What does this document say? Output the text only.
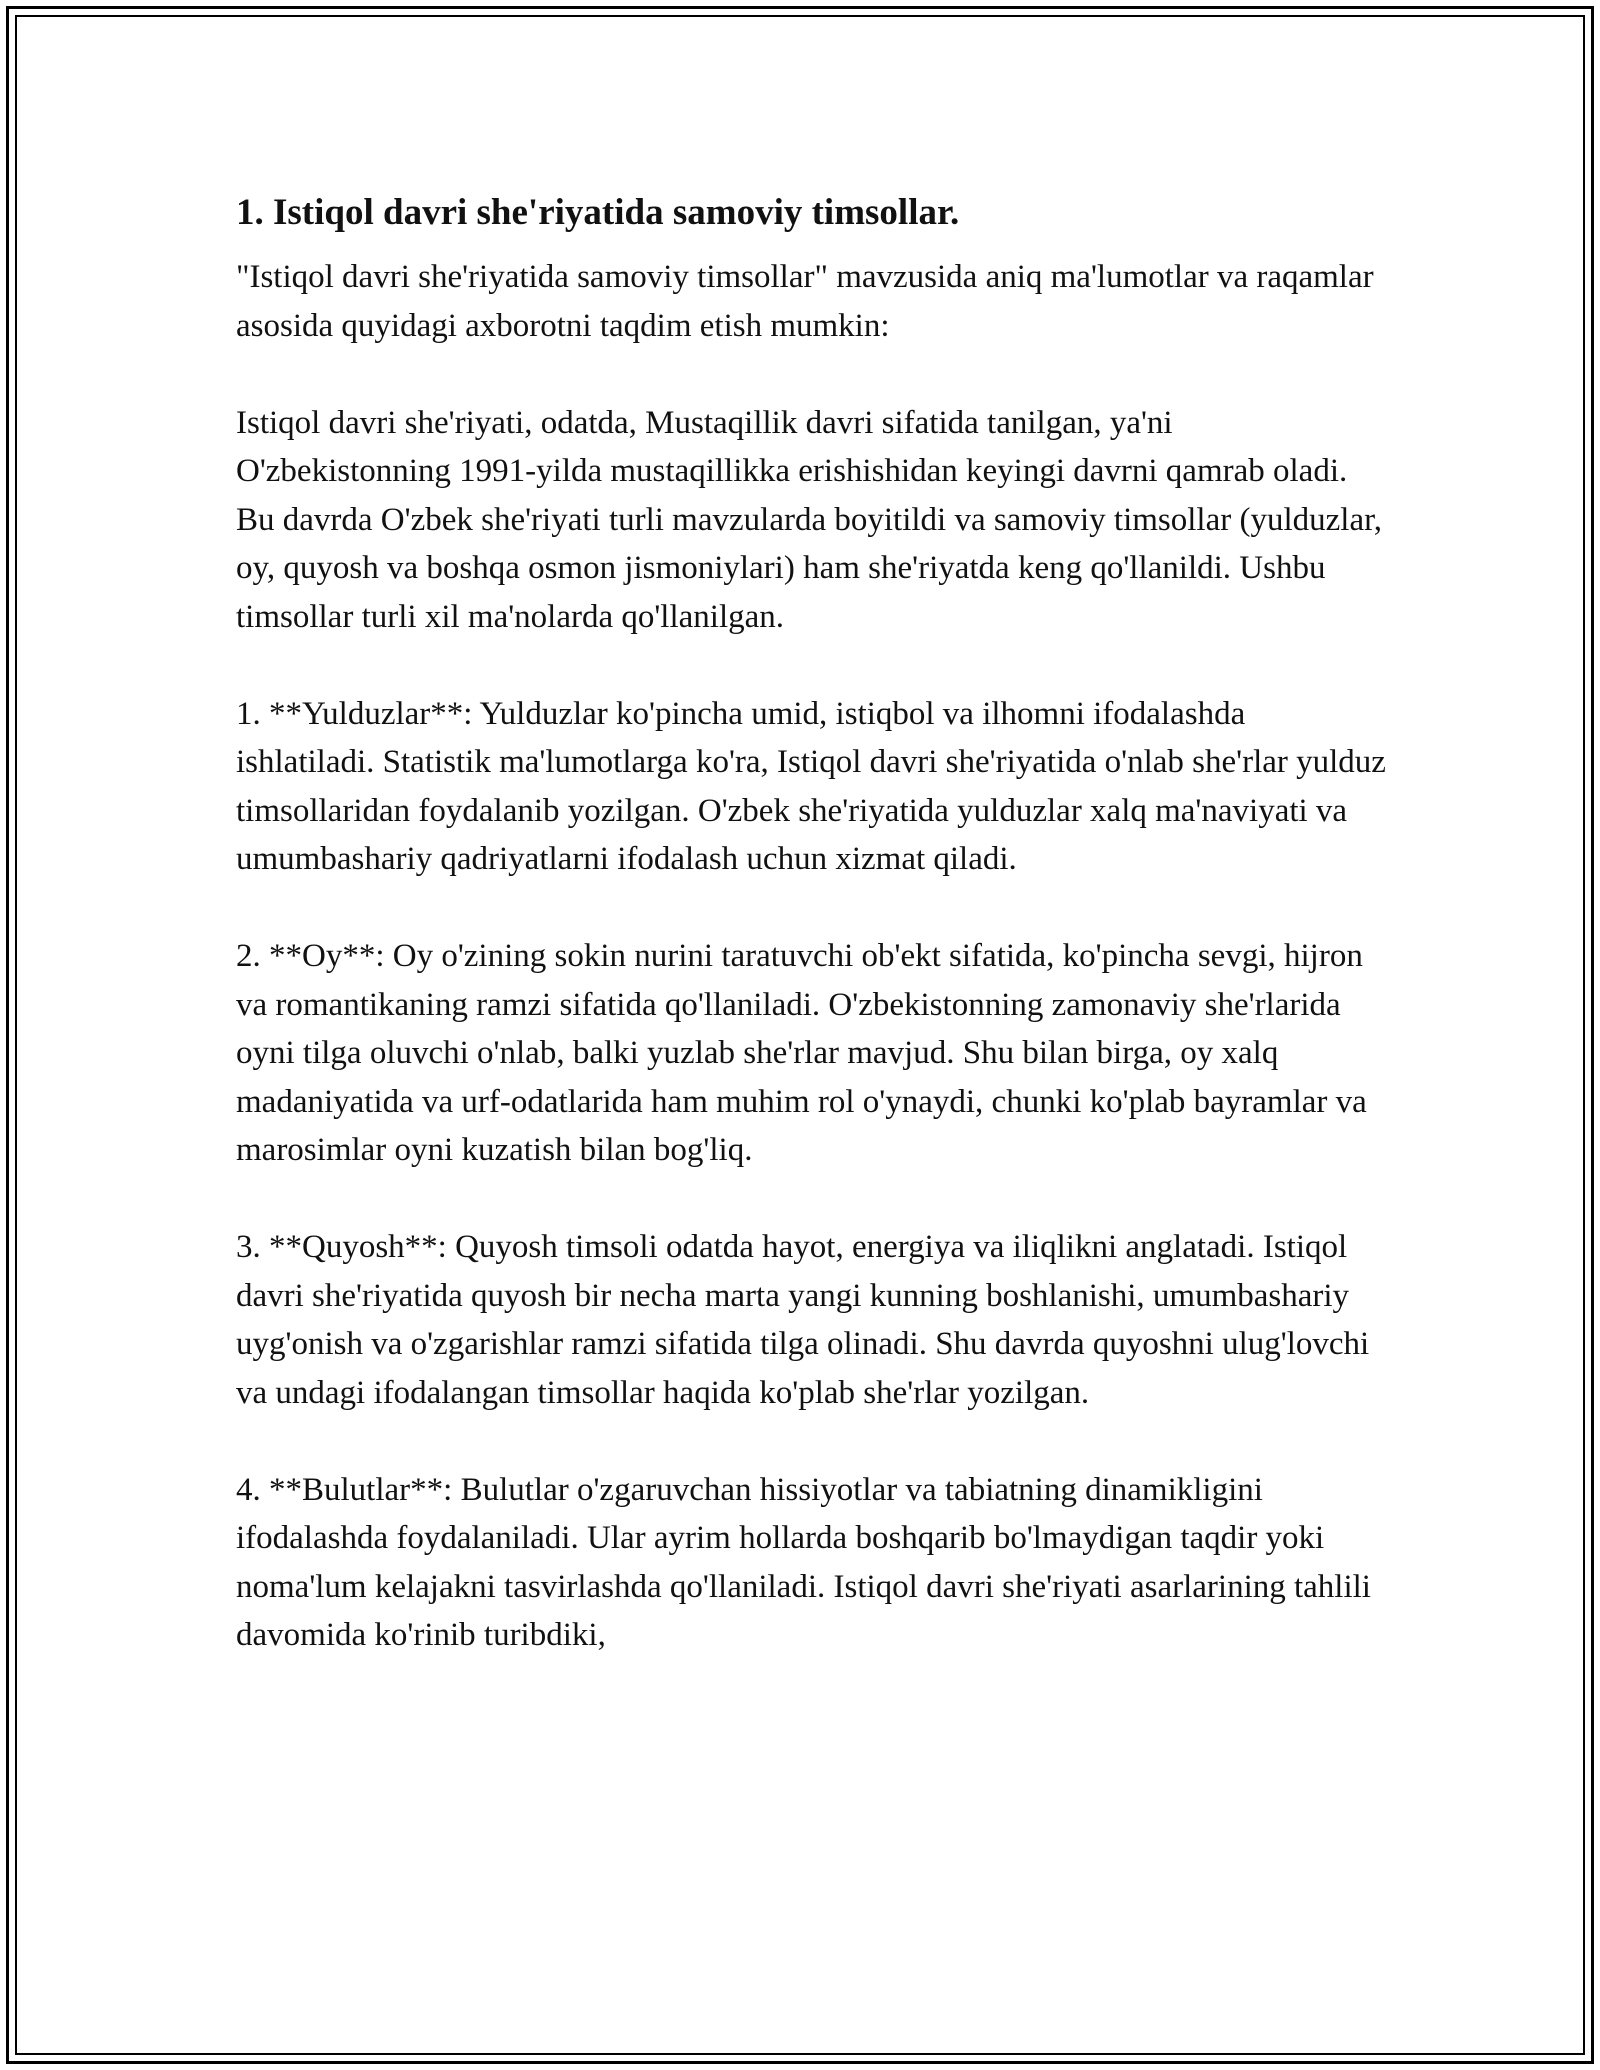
1. Istiqol davri she'riyatida samoviy timsollar.

"Istiqol davri she'riyatida samoviy timsollar" mavzusida aniq ma'lumotlar va raqamlar asosida quyidagi axborotni taqdim etish mumkin:

Istiqol davri she'riyati, odatda, Mustaqillik davri sifatida tanilgan, ya'ni O'zbekistonning 1991-yilda mustaqillikka erishishidan keyingi davrni qamrab oladi. Bu davrda O'zbek she'riyati turli mavzularda boyitildi va samoviy timsollar (yulduzlar, oy, quyosh va boshqa osmon jismoniylari) ham she'riyatda keng qo'llanildi. Ushbu timsollar turli xil ma'nolarda qo'llanilgan.

1. **Yulduzlar**: Yulduzlar ko'pincha umid, istiqbol va ilhomni ifodalashda ishlatiladi. Statistik ma'lumotlarga ko'ra, Istiqol davri she'riyatida o'nlab she'rlar yulduz timsollaridan foydalanib yozilgan. O'zbek she'riyatida yulduzlar xalq ma'naviyati va umumbashariy qadriyatlarni ifodalash uchun xizmat qiladi.

2. **Oy**: Oy o'zining sokin nurini taratuvchi ob'ekt sifatida, ko'pincha sevgi, hijron va romantikaning ramzi sifatida qo'llaniladi. O'zbekistonning zamonaviy she'rlarida oyni tilga oluvchi o'nlab, balki yuzlab she'rlar mavjud. Shu bilan birga, oy xalq madaniyatida va urf-odatlarida ham muhim rol o'ynaydi, chunki ko'plab bayramlar va marosimlar oyni kuzatish bilan bog'liq.

3. **Quyosh**: Quyosh timsoli odatda hayot, energiya va iliqlikni anglatadi. Istiqol davri she'riyatida quyosh bir necha marta yangi kunning boshlanishi, umumbashariy uyg'onish va o'zgarishlar ramzi sifatida tilga olinadi. Shu davrda quyoshni ulug'lovchi va undagi ifodalangan timsollar haqida ko'plab she'rlar yozilgan.

4. **Bulutlar**: Bulutlar o'zgaruvchan hissiyotlar va tabiatning dinamikligini ifodalashda foydalaniladi. Ular ayrim hollarda boshqarib bo'lmaydigan taqdir yoki noma'lum kelajakni tasvirlashda qo'llaniladi. Istiqol davri she'riyati asarlarining tahlili davomida ko'rinib turibdiki,
